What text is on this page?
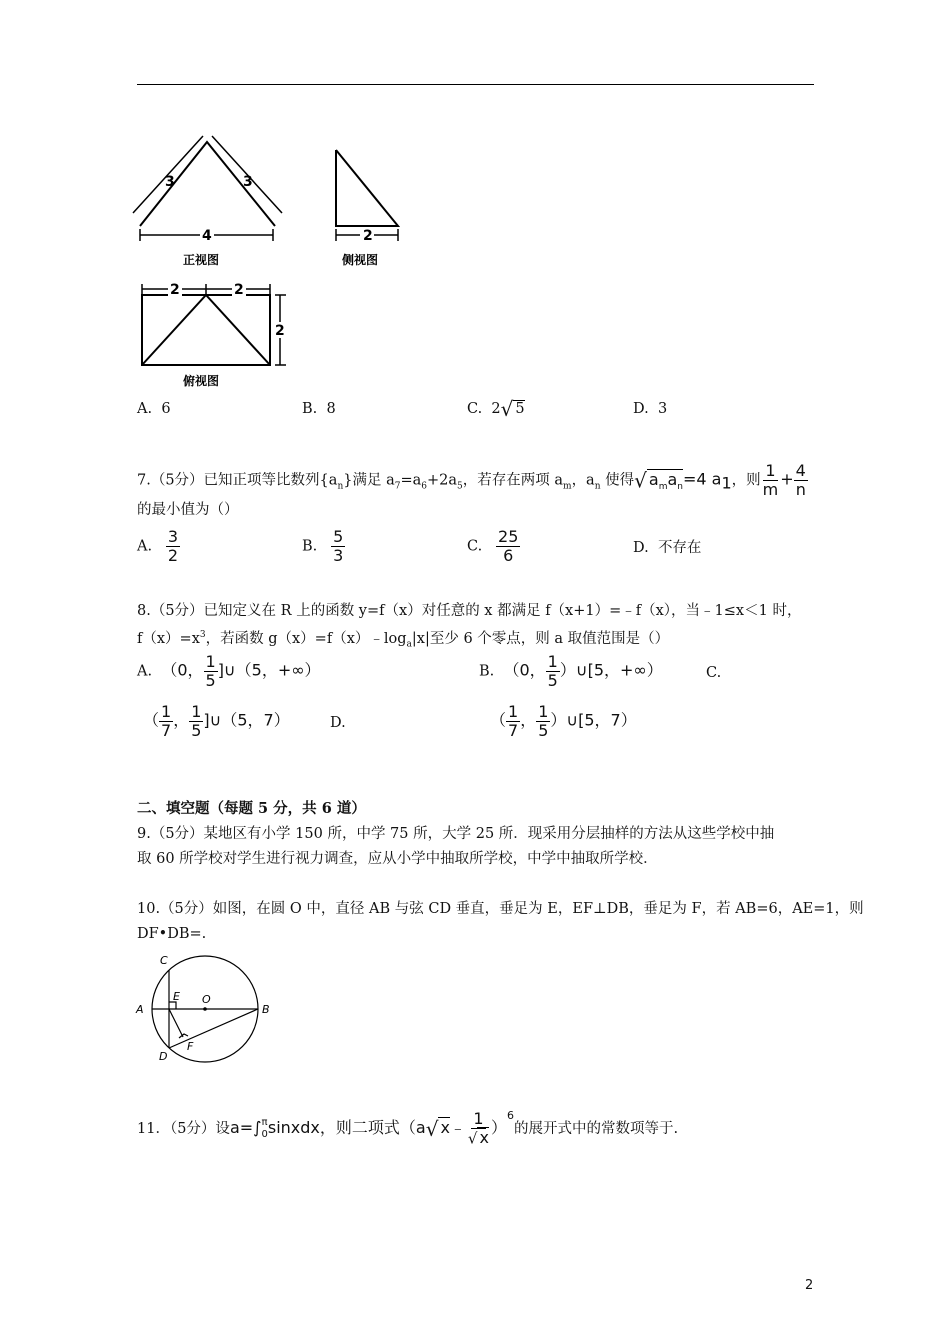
3	3
4	2
2	2
2
正视图	侧视图
俯视图
A. 6	B. 8	C. 2√ 5	D. 3
7.（5分）已知正项等比数列$\{a_n\}$满足 $a_7=a_6+2a_5$，若存在两项 $a_m$，$a_n$ 使得√ $a_ma_n=4$ $a_1$，则 $\frac{1}{m} + \frac{4}{n}$
的最小值为（）
A. $\frac{3}{2}$	B. $\frac{5}{3}$	C. $\frac{25}{6}$	D. 不存在
8.（5分）已知定义在 R 上的函数 y=f（x）对任意的 x 都满足 f（x+1）=﹣f（x），当﹣1≤x＜1 时，
$f(x)=x^3$，若函数 $g(x)=f(x)﹣\log_a|x|$至少 6 个零点，则 a 取值范围是（）
A. （0， $\frac{1}{5}$ ]∪（5，+∞）	B. （0， $\frac{1}{5}$ ）∪[5，+∞）	C.
（ $\frac{1}{7}$ ， $\frac{1}{5}$ ]∪（5，7）	D.	（ $\frac{1}{7}$ ， $\frac{1}{5}$ ）∪[5，7）
二、填空题（每题 5 分，共 6 道）
9.（5分）某地区有小学 150 所，中学 75 所，大学 25 所．现采用分层抽样的方法从这些学校中抽
取 60 所学校对学生进行视力调查，应从小学中抽取所学校，中学中抽取所学校．
10.（5分）如图，在圆 O 中，直径 AB 与弦 CD 垂直，垂足为 E，EF⊥DB，垂足为 F，若 AB=6，AE=1，则
DF•DB=.
C
A	B
D
E
F
O
11．（5分）设a=∫ π
0 sinxdx，则二项式（a√ x﹣ $\frac{1}{√ x} )^6$的展开式中的常数项等于.
2
